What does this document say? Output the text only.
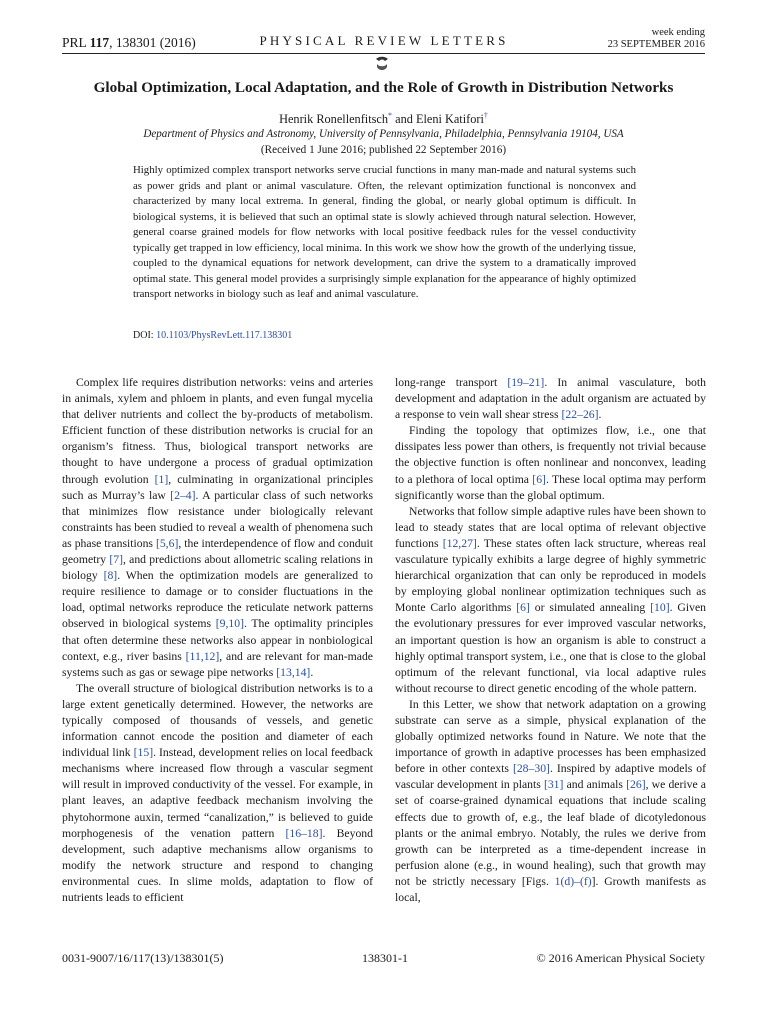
PRL 117, 138301 (2016)	PHYSICAL REVIEW LETTERS
week ending
23 SEPTEMBER 2016
Global Optimization, Local Adaptation, and the Role of Growth in Distribution Networks
Henrik Ronellenfitsch* and Eleni Katifori†
Department of Physics and Astronomy, University of Pennsylvania, Philadelphia, Pennsylvania 19104, USA
(Received 1 June 2016; published 22 September 2016)
Highly optimized complex transport networks serve crucial functions in many man-made and natural systems such as power grids and plant or animal vasculature. Often, the relevant optimization functional is nonconvex and characterized by many local extrema. In general, finding the global, or nearly global optimum is difficult. In biological systems, it is believed that such an optimal state is slowly achieved through natural selection. However, general coarse grained models for flow networks with local positive feedback rules for the vessel conductivity typically get trapped in low efficiency, local minima. In this work we show how the growth of the underlying tissue, coupled to the dynamical equations for network development, can drive the system to a dramatically improved optimal state. This general model provides a surprisingly simple explanation for the appearance of highly optimized transport networks in biology such as leaf and animal vasculature.
DOI: 10.1103/PhysRevLett.117.138301

Complex life requires distribution networks: veins and arteries in animals, xylem and phloem in plants, and even fungal mycelia that deliver nutrients and collect the by-products of metabolism. Efficient function of these distribution networks is crucial for an organism’s fitness. Thus, biological transport networks are thought to have undergone a process of gradual optimization through evolution [1], culminating in organizational principles such as Murray’s law [2–4]. A particular class of such networks that minimizes flow resistance under biologically relevant constraints has been studied to reveal a wealth of phenomena such as phase transitions [5,6], the interdependence of flow and conduit geometry [7], and predictions about allometric scaling relations in biology [8]. When the optimization models are generalized to require resilience to damage or to consider fluctuations in the load, optimal networks reproduce the reticulate network patterns observed in biological systems [9,10]. The optimality principles that often determine these networks also appear in nonbiological context, e.g., river basins [11,12], and are relevant for man-made systems such as gas or sewage pipe networks [13,14].

The overall structure of biological distribution networks is to a large extent genetically determined. However, the networks are typically composed of thousands of vessels, and genetic information cannot encode the position and diameter of each individual link [15]. Instead, development relies on local feedback mechanisms where increased flow through a vascular segment will result in improved conductivity of the vessel. For example, in plant leaves, an adaptive feedback mechanism involving the phytohormone auxin, termed “canalization,” is believed to guide morphogenesis of the venation pattern [16–18]. Beyond development, such adaptive mechanisms allow organisms to modify the network structure and respond to changing environmental cues. In slime molds, adaptation to flow of nutrients leads to efficient

long-range transport [19–21]. In animal vasculature, both development and adaptation in the adult organism are actuated by a response to vein wall shear stress [22–26].

Finding the topology that optimizes flow, i.e., one that dissipates less power than others, is frequently not trivial because the objective function is often nonlinear and nonconvex, leading to a plethora of local optima [6]. These local optima may perform significantly worse than the global optimum.

Networks that follow simple adaptive rules have been shown to lead to steady states that are local optima of relevant objective functions [12,27]. These states often lack structure, whereas real vasculature typically exhibits a large degree of highly symmetric hierarchical organization that can only be reproduced in models by employing global nonlinear optimization techniques such as Monte Carlo algorithms [6] or simulated annealing [10]. Given the evolutionary pressures for ever improved vascular networks, an important question is how an organism is able to construct a highly optimal transport system, i.e., one that is close to the global optimum of the relevant functional, via local adaptive rules without recourse to direct genetic encoding of the whole pattern.

In this Letter, we show that network adaptation on a growing substrate can serve as a simple, physical explanation of the globally optimized networks found in Nature. We note that the importance of growth in adaptive processes has been emphasized before in other contexts [28–30]. Inspired by adaptive models of vascular development in plants [31] and animals [26], we derive a set of coarse-grained dynamical equations that include scaling effects due to growth of, e.g., the leaf blade of dicotyledonous plants or the animal embryo. Notably, the rules we derive from growth can be interpreted as a time-dependent increase in perfusion alone (e.g., in wound healing), such that growth may not be strictly necessary [Figs. 1(d)–(f)]. Growth manifests as local,

0031-9007/16/117(13)/138301(5)	138301-1	© 2016 American Physical Society
